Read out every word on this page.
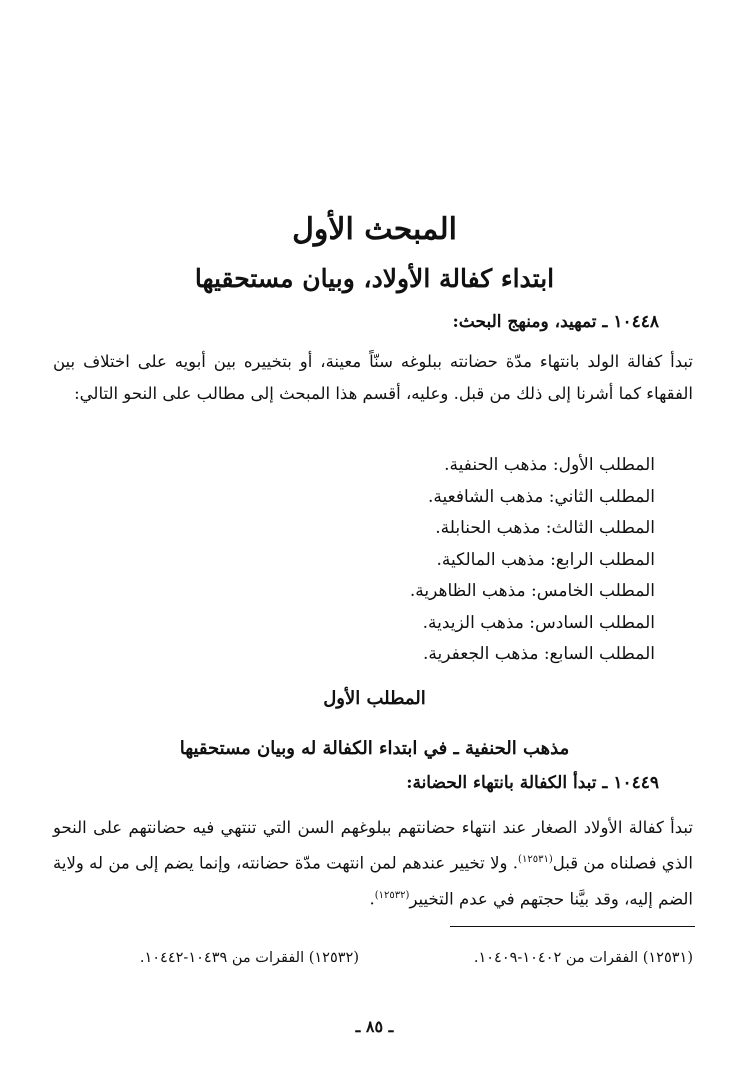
المبحث الأول
ابتداء كفالة الأولاد، وبيان مستحقيها
١٠٤٤٨ ـ تمهيد، ومنهج البحث:

تبدأ كفالة الولد بانتهاء مدّة حضانته ببلوغه سنّاً معينة، أو بتخييره بين أبويه على اختلاف بين الفقهاء كما أشرنا إلى ذلك من قبل. وعليه، أقسم هذا المبحث إلى مطالب على النحو التالي:

المطلب الأول: مذهب الحنفية.
المطلب الثاني: مذهب الشافعية.
المطلب الثالث: مذهب الحنابلة.
المطلب الرابع: مذهب المالكية.
المطلب الخامس: مذهب الظاهرية.
المطلب السادس: مذهب الزيدية.
المطلب السابع: مذهب الجعفرية.
المطلب الأول
مذهب الحنفية ـ في ابتداء الكفالة له وبيان مستحقيها
١٠٤٤٩ ـ تبدأ الكفالة بانتهاء الحضانة:

تبدأ كفالة الأولاد الصغار عند انتهاء حضانتهم ببلوغهم السن التي تنتهي فيه حضانتهم على النحو الذي فصلناه من قبل$^{(١٢٥٣١)}$. ولا تخيير عندهم لمن انتهت مدّة حضانته، وإنما يضم إلى من له ولاية الضم إليه، وقد بيَّنا حجتهم في عدم التخيير$^{(١٢٥٣٢)}$.

(١٢٥٣١) الفقرات من ١٠٤٠٢-١٠٤٠٩.
(١٢٥٣٢) الفقرات من ١٠٤٣٩-١٠٤٤٢.
ـ ٨٥ ـ
